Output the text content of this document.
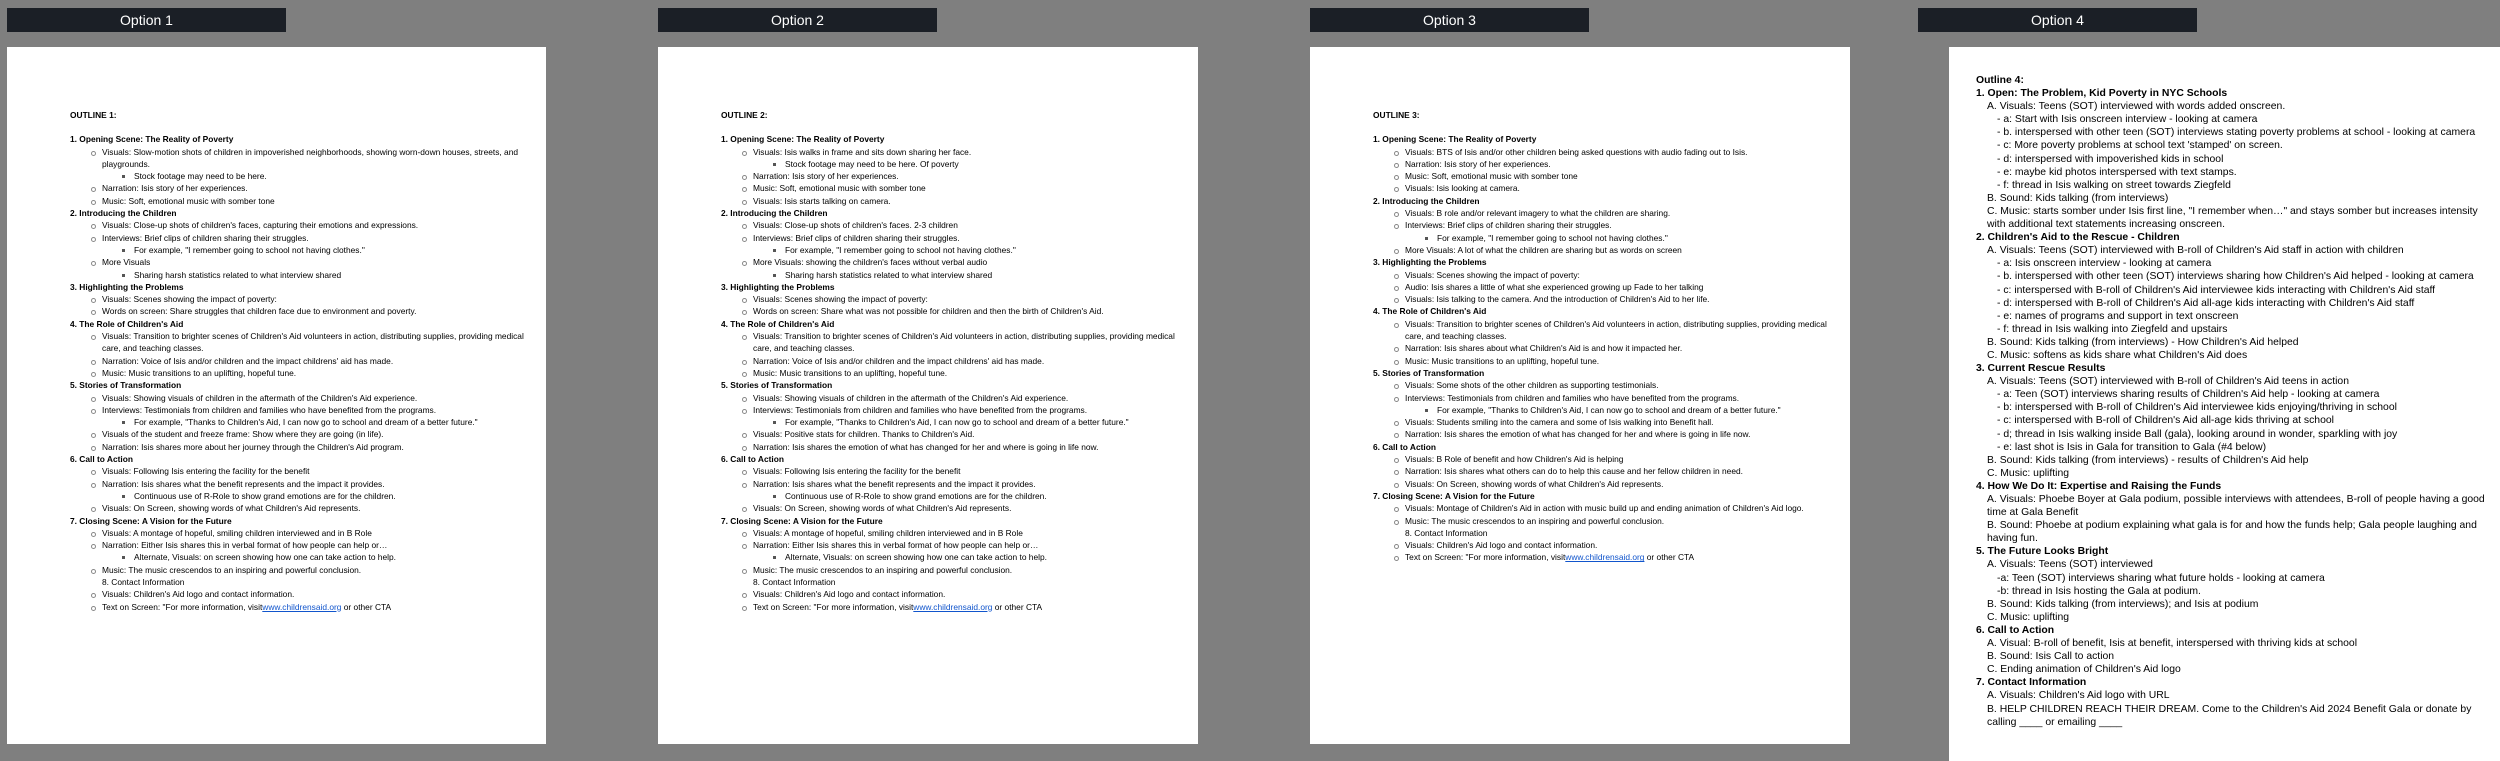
Option 1	Option 2	Option 3	Option 4
OUTLINE 1:
1. Opening Scene: The Reality of Poverty
Visuals: Slow-motion shots of children in impoverished neighborhoods, showing worn-down houses, streets, and playgrounds.
Stock footage may need to be here.
Narration: Isis story of her experiences.
Music: Soft, emotional music with somber tone
2. Introducing the Children
Visuals: Close-up shots of children's faces, capturing their emotions and expressions.
Interviews: Brief clips of children sharing their struggles.
For example, "I remember going to school not having clothes."
More Visuals
Sharing harsh statistics related to what interview shared
3. Highlighting the Problems
Visuals: Scenes showing the impact of poverty:
Words on screen: Share struggles that children face due to environment and poverty.
4. The Role of Children's Aid
Visuals: Transition to brighter scenes of Children's Aid volunteers in action, distributing supplies, providing medical care, and teaching classes.
Narration: Voice of Isis and/or children and the impact childrens' aid has made.
Music: Music transitions to an uplifting, hopeful tune.
5. Stories of Transformation
Visuals: Showing visuals of children in the aftermath of the Children's Aid experience.
Interviews: Testimonials from children and families who have benefited from the programs.
For example, "Thanks to Children's Aid, I can now go to school and dream of a better future."
Visuals of the student and freeze frame: Show where they are going (in life).
Narration: Isis shares more about her journey through the Children's Aid program.
6. Call to Action
Visuals: Following Isis entering the facility for the benefit
Narration: Isis shares what the benefit represents and the impact it provides.
Continuous use of R-Role to show grand emotions are for the children.
Visuals: On Screen, showing words of what Children's Aid represents.
7. Closing Scene: A Vision for the Future
Visuals: A montage of hopeful, smiling children interviewed and in B Role
Narration: Either Isis shares this in verbal format of how people can help or…
Alternate, Visuals: on screen showing how one can take action to help.
Music: The music crescendos to an inspiring and powerful conclusion.
8. Contact Information
Visuals: Children's Aid logo and contact information.
Text on Screen: "For more information, visitwww.childrensaid.org or other CTA
OUTLINE 2:
1. Opening Scene: The Reality of Poverty
Visuals: Isis walks in frame and sits down sharing her face.
Stock footage may need to be here. Of poverty
Narration: Isis story of her experiences.
Music: Soft, emotional music with somber tone
Visuals: Isis starts talking on camera.
2. Introducing the Children
Visuals: Close-up shots of children's faces. 2-3 children
Interviews: Brief clips of children sharing their struggles.
For example, "I remember going to school not having clothes."
More Visuals: showing the children's faces without verbal audio
Sharing harsh statistics related to what interview shared
3. Highlighting the Problems
Visuals: Scenes showing the impact of poverty:
Words on screen: Share what was not possible for children and then the birth of Children's Aid.
4. The Role of Children's Aid
Visuals: Transition to brighter scenes of Children's Aid volunteers in action, distributing supplies, providing medical care, and teaching classes.
Narration: Voice of Isis and/or children and the impact childrens' aid has made.
Music: Music transitions to an uplifting, hopeful tune.
5. Stories of Transformation
Visuals: Showing visuals of children in the aftermath of the Children's Aid experience.
Interviews: Testimonials from children and families who have benefited from the programs.
For example, "Thanks to Children's Aid, I can now go to school and dream of a better future."
Visuals: Positive stats for children. Thanks to Children's Aid.
Narration: Isis shares the emotion of what has changed for her and where is going in life now.
6. Call to Action
Visuals: Following Isis entering the facility for the benefit
Narration: Isis shares what the benefit represents and the impact it provides.
Continuous use of R-Role to show grand emotions are for the children.
Visuals: On Screen, showing words of what Children's Aid represents.
7. Closing Scene: A Vision for the Future
Visuals: A montage of hopeful, smiling children interviewed and in B Role
Narration: Either Isis shares this in verbal format of how people can help or…
Alternate, Visuals: on screen showing how one can take action to help.
Music: The music crescendos to an inspiring and powerful conclusion.
8. Contact Information
Visuals: Children's Aid logo and contact information.
Text on Screen: "For more information, visitwww.childrensaid.org or other CTA
OUTLINE 3:
1. Opening Scene: The Reality of Poverty
Visuals: BTS of Isis and/or other children being asked questions with audio fading out to Isis.
Narration: Isis story of her experiences.
Music: Soft, emotional music with somber tone
Visuals: Isis looking at camera.
2. Introducing the Children
Visuals: B role and/or relevant imagery to what the children are sharing.
Interviews: Brief clips of children sharing their struggles.
For example, "I remember going to school not having clothes."
More Visuals: A lot of what the children are sharing but as words on screen
3. Highlighting the Problems
Visuals: Scenes showing the impact of poverty:
Audio: Isis shares a little of what she experienced growing up Fade to her talking
Visuals: Isis talking to the camera. And the introduction of Children's Aid to her life.
4. The Role of Children's Aid
Visuals: Transition to brighter scenes of Children's Aid volunteers in action, distributing supplies, providing medical care, and teaching classes.
Narration: Isis shares about what Children's Aid is and how it impacted her.
Music: Music transitions to an uplifting, hopeful tune.
5. Stories of Transformation
Visuals: Some shots of the other children as supporting testimonials.
Interviews: Testimonials from children and families who have benefited from the programs.
For example, "Thanks to Children's Aid, I can now go to school and dream of a better future."
Visuals: Students smiling into the camera and some of Isis walking into Benefit hall.
Narration: Isis shares the emotion of what has changed for her and where is going in life now.
6. Call to Action
Visuals: B Role of benefit and how Children's Aid is helping
Narration: Isis shares what others can do to help this cause and her fellow children in need.
Visuals: On Screen, showing words of what Children's Aid represents.
7. Closing Scene: A Vision for the Future
Visuals: Montage of Children's Aid in action with music build up and ending animation of Children's Aid logo.
Music: The music crescendos to an inspiring and powerful conclusion.
8. Contact Information
Visuals: Children's Aid logo and contact information.
Text on Screen: "For more information, visitwww.childrensaid.org or other CTA
Outline 4:
1. Open: The Problem, Kid Poverty in NYC Schools
A. Visuals: Teens (SOT) interviewed with words added onscreen.
- a: Start with Isis onscreen interview - looking at camera
- b. interspersed with other teen (SOT) interviews stating poverty problems at school - looking at camera
- c: More poverty problems at school text 'stamped' on screen.
- d: interspersed with impoverished kids in school
- e: maybe kid photos interspersed with text stamps.
- f: thread in Isis walking on street towards Ziegfeld
B. Sound: Kids talking (from interviews)
C. Music: starts somber under Isis first line, "I remember when…" and stays somber but increases intensity with additional text statements increasing onscreen.
2. Children's Aid to the Rescue - Children
A. Visuals: Teens (SOT) interviewed with B-roll of Children's Aid staff in action with children
- a: Isis onscreen interview - looking at camera
- b. interspersed with other teen (SOT) interviews sharing how Children's Aid helped - looking at camera
- c: interspersed with B-roll of Children's Aid interviewee kids interacting with Children's Aid staff
- d: interspersed with B-roll of Children's Aid all-age kids interacting with Children's Aid staff
- e: names of programs and support in text onscreen
- f: thread in Isis walking into Ziegfeld and upstairs
B. Sound: Kids talking (from interviews) - How Children's Aid helped
C. Music: softens as kids share what Children's Aid does
3. Current Rescue Results
A. Visuals: Teens (SOT) interviewed with B-roll of Children's Aid teens in action
- a: Teen (SOT) interviews sharing results of Children's Aid help - looking at camera
- b: interspersed with B-roll of Children's Aid interviewee kids enjoying/thriving in school
- c: interspersed with B-roll of Children's Aid all-age kids thriving at school
- d; thread in Isis walking inside Ball (gala), looking around in wonder, sparkling with joy
- e: last shot is Isis in Gala for transition to Gala (#4 below)
B. Sound: Kids talking (from interviews) - results of Children's Aid help
C. Music: uplifting
4. How We Do It: Expertise and Raising the Funds
A. Visuals: Phoebe Boyer at Gala podium, possible interviews with attendees, B-roll of people having a good time at Gala Benefit
B. Sound: Phoebe at podium explaining what gala is for and how the funds help; Gala people laughing and having fun.
5. The Future Looks Bright
A. Visuals: Teens (SOT) interviewed
-a: Teen (SOT) interviews sharing what future holds - looking at camera
-b: thread in Isis hosting the Gala at podium.
B. Sound: Kids talking (from interviews); and Isis at podium
C. Music: uplifting
6. Call to Action
A. Visual: B-roll of benefit, Isis at benefit, interspersed with thriving kids at school
B. Sound: Isis Call to action
C. Ending animation of Children's Aid logo
7. Contact Information
A. Visuals: Children's Aid logo with URL
B. HELP CHILDREN REACH THEIR DREAM. Come to the Children's Aid 2024 Benefit Gala or donate by calling ____ or emailing ____
